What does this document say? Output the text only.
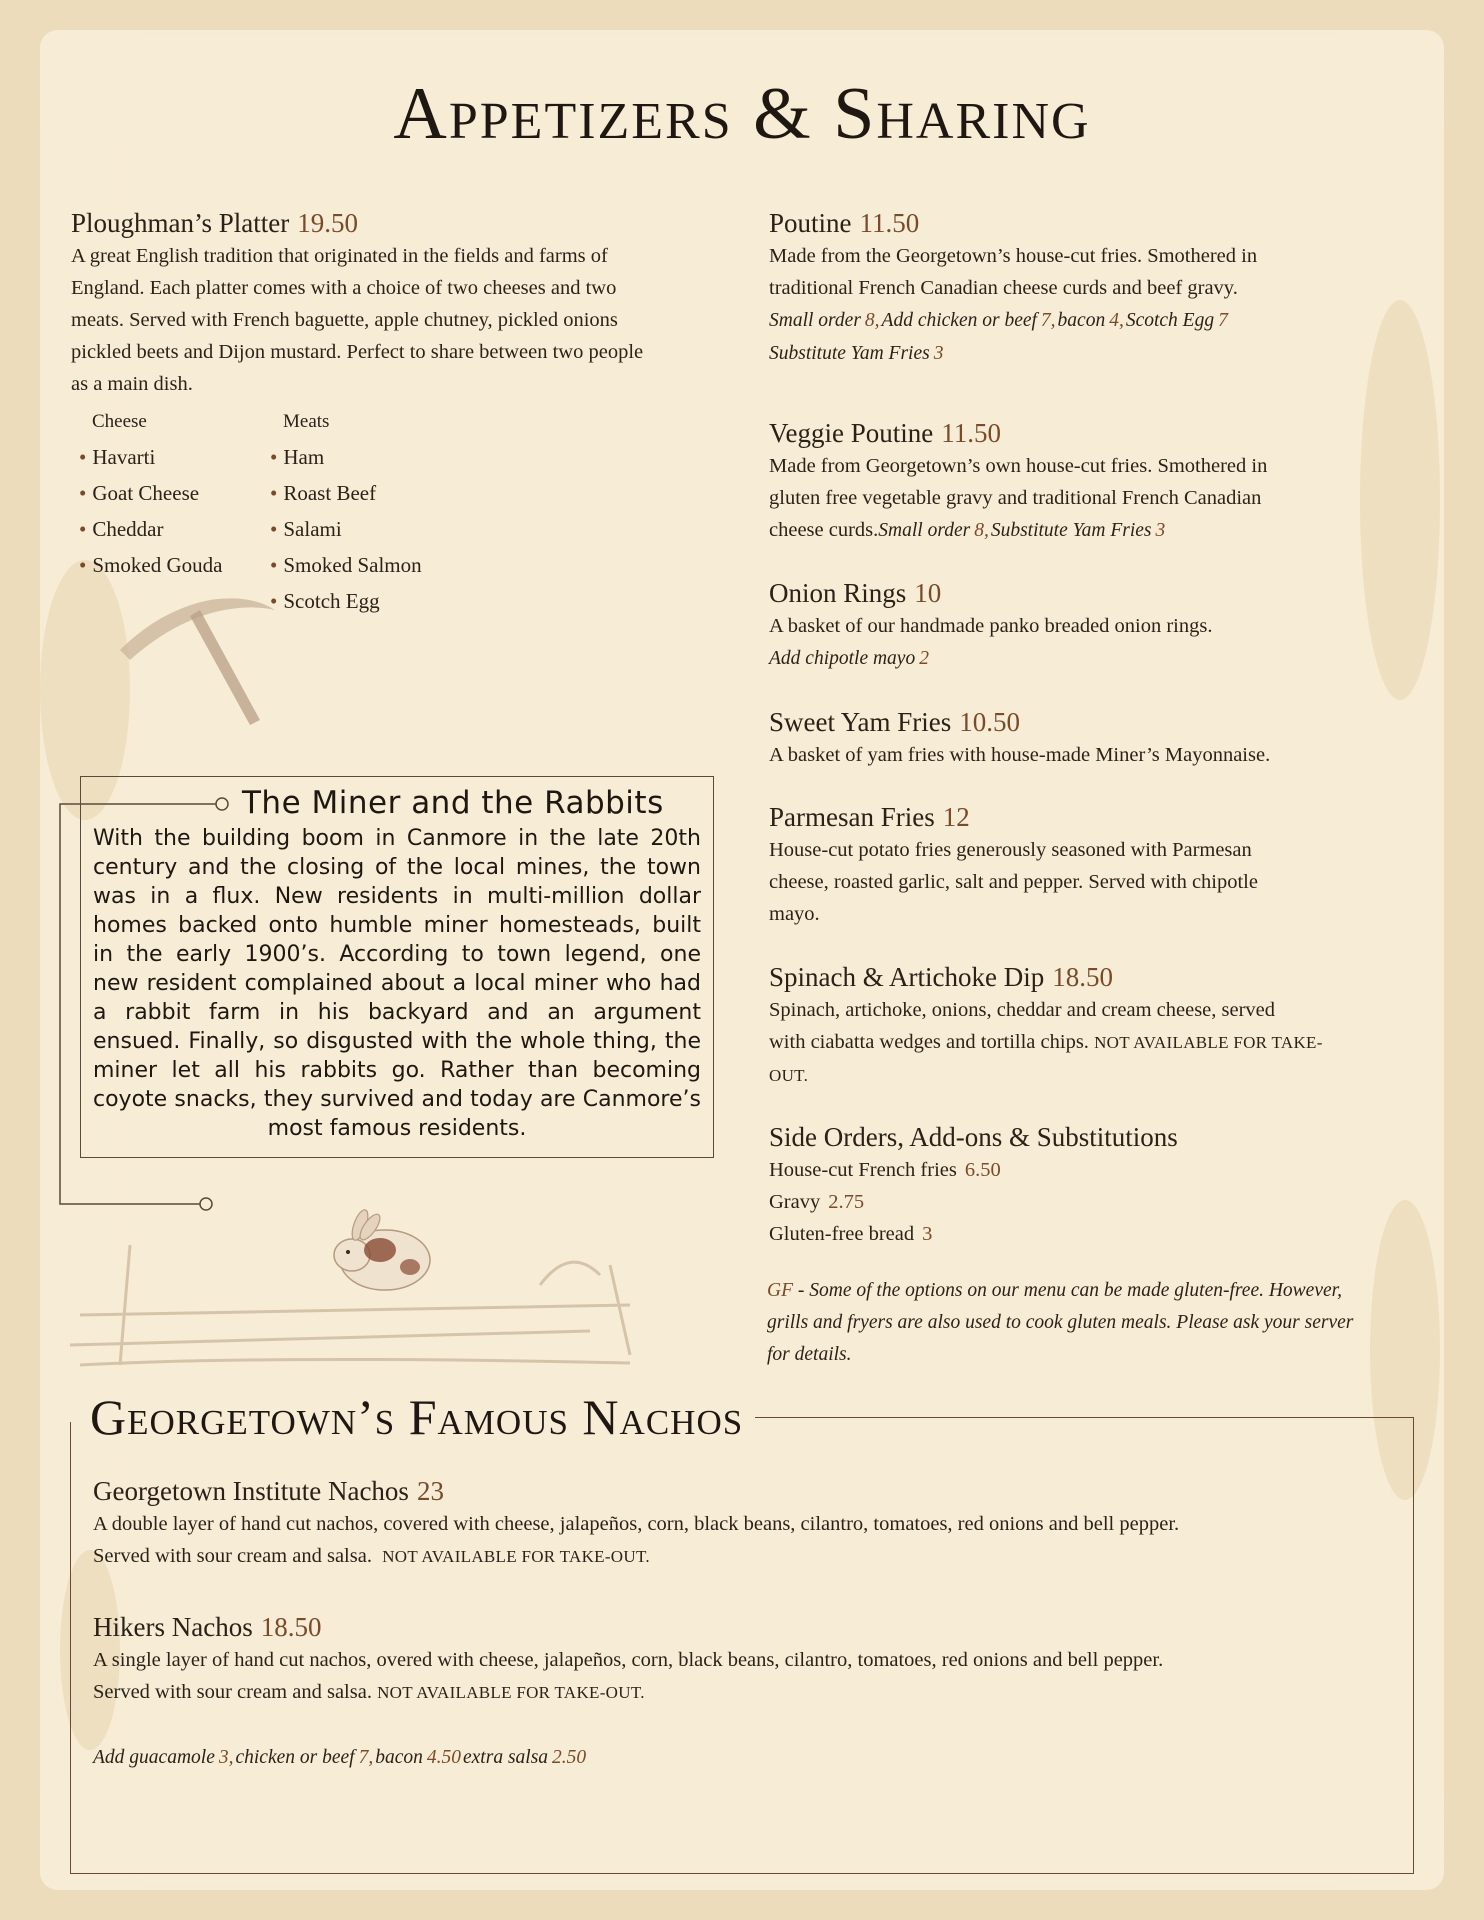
Appetizers & Sharing

Ploughman’s Platter 19.50

A great English tradition that originated in the fields and farms of
England. Each platter comes with a choice of two cheeses and two
meats. Served with French baguette, apple chutney, pickled onions
pickled beets and Dijon mustard. Perfect to share between two people
as a main dish.

Cheese
• Havarti
• Goat Cheese
• Cheddar
• Smoked Gouda
Meats
• Ham
• Roast Beef
• Salami
• Smoked Salmon
• Scotch Egg
The Miner and the Rabbits
With the building boom in Canmore in the late 20th century and the closing of the local mines, the town was in a flux. New residents in multi-million dollar homes backed onto humble miner homesteads, built in the early 1900’s. According to town legend, one new resident complained about a local miner who had a rabbit farm in his backyard and an argument ensued. Finally, so disgusted with the whole thing, the miner let all his rabbits go. Rather than becoming coyote snacks, they survived and today are Canmore’s most famous residents.

Poutine 11.50

Made from the Georgetown’s house-cut fries. Smothered in
traditional French Canadian cheese curds and beef gravy.
Small order 8, Add chicken or beef 7, bacon 4, Scotch Egg 7
Substitute Yam Fries 3

Veggie Poutine 11.50

Made from Georgetown’s own house-cut fries. Smothered in
gluten free vegetable gravy and traditional French Canadian
cheese curds.Small order 8, Substitute Yam Fries 3

Onion Rings 10

A basket of our handmade panko breaded onion rings.
Add chipotle mayo 2

Sweet Yam Fries 10.50

A basket of yam fries with house-made Miner’s Mayonnaise.

Parmesan Fries 12

House-cut potato fries generously seasoned with Parmesan
cheese, roasted garlic, salt and pepper. Served with chipotle
mayo.

Spinach & Artichoke Dip 18.50

Spinach, artichoke, onions, cheddar and cream cheese, served
with ciabatta wedges and tortilla chips. NOT AVAILABLE FOR TAKE-
OUT.

Side Orders, Add-ons & Substitutions

House-cut French fries 6.50
Gravy 2.75
Gluten-free bread 3

GF - Some of the options on our menu can be made gluten-free. However,
grills and fryers are also used to cook gluten meals. Please ask your server
for details.

Georgetown’s Famous Nachos

Georgetown Institute Nachos 23

A double layer of hand cut nachos, covered with cheese, jalapeños, corn, black beans, cilantro, tomatoes, red onions and bell pepper.
Served with sour cream and salsa. NOT AVAILABLE FOR TAKE-OUT.

Hikers Nachos 18.50

A single layer of hand cut nachos, overed with cheese, jalapeños, corn, black beans, cilantro, tomatoes, red onions and bell pepper.
Served with sour cream and salsa. NOT AVAILABLE FOR TAKE-OUT.

Add guacamole 3, chicken or beef 7, bacon 4.50 extra salsa 2.50
